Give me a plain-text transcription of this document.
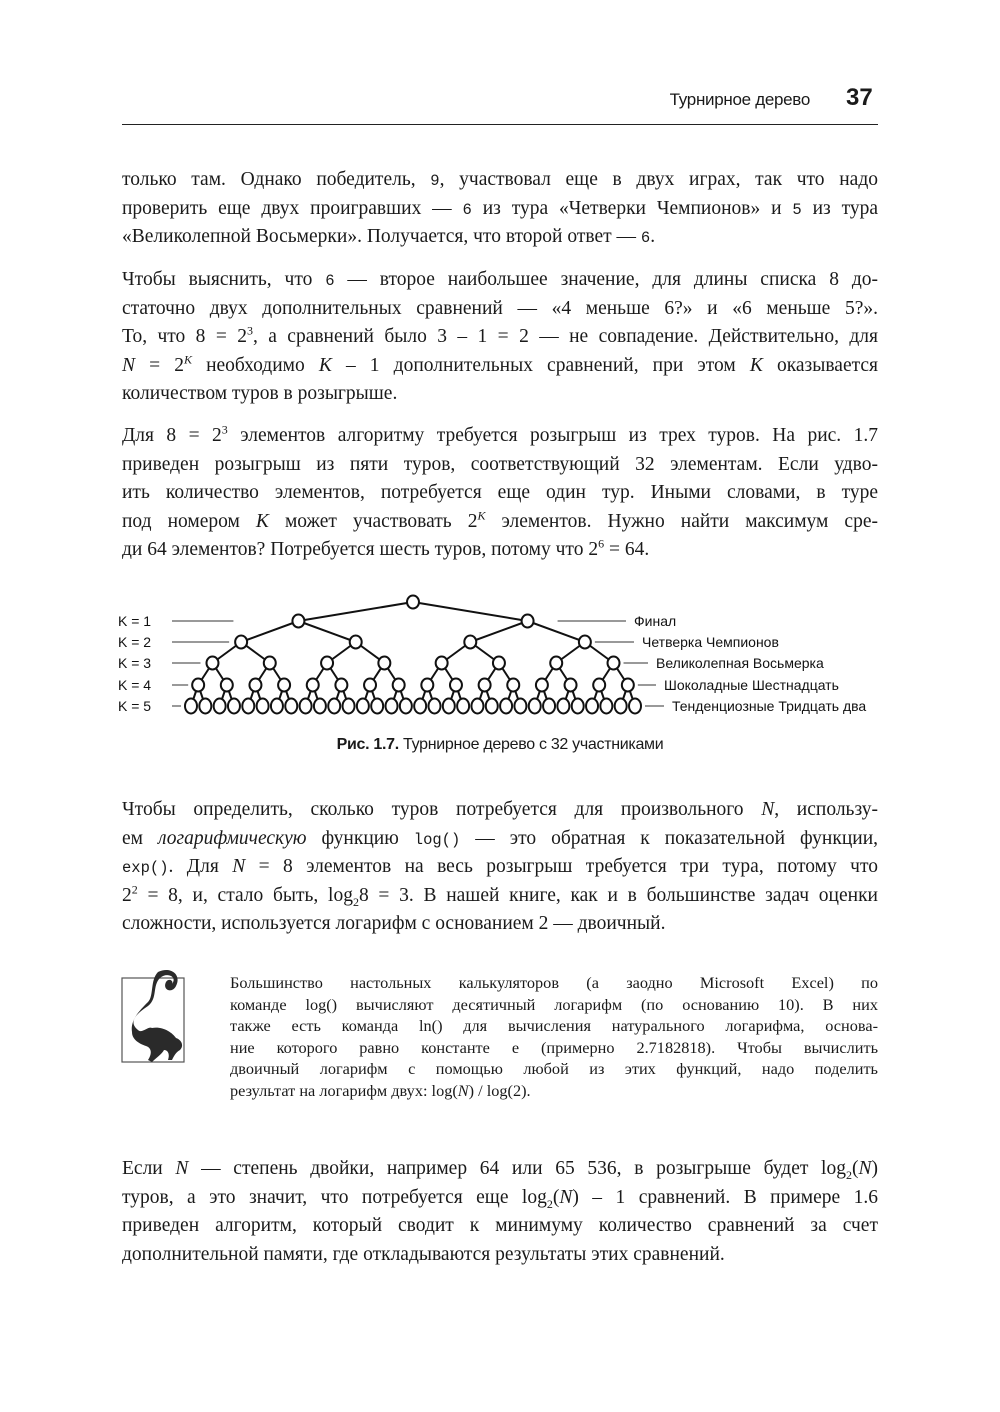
Турнирное дерево 37
только там. Однако победитель, 9, участвовал еще в двух играх, так что надо
проверить еще двух проигравших — 6 из тура «Четверки Чемпионов» и 5 из тура
«Великолепной Восьмерки». Получается, что второй ответ — 6.
Чтобы выяснить, что 6 — второе наибольшее значение, для длины списка 8 до-
статочно двух дополнительных сравнений — «4 меньше 6?» и «6 меньше 5?».
То, что $8 = 2^3$, а сравнений было 3 – 1 = 2 — не совпадение. Действительно, для
$N = 2^K$ необходимо K – 1 дополнительных сравнений, при этом K оказывается
количеством туров в розыгрыше.
Для $8 = 2^3$ элементов алгоритму требуется розыгрыш из трех туров. На рис. 1.7
приведен розыгрыш из пяти туров, соответствующий 32 элементам. Если удво-
ить количество элементов, потребуется еще один тур. Иными словами, в туре
под номером K может участвовать $2^K$ элементов. Нужно найти максимум сре-
ди 64 элементов? Потребуется шесть туров, потому что $2^6 = 64$.
K = 1
K = 2
K = 3
K = 4
K = 5
Финал
Четверка Чемпионов
Великолепная Восьмерка
Шоколадные Шестнадцать
Тенденциозные Тридцать два
Рис. 1.7. Турнирное дерево с 32 участниками
Чтобы определить, сколько туров потребуется для произвольного N, использу-
ем логарифмическую функцию log() — это обратная к показательной функции,
exp(). Для N = 8 элементов на весь розыгрыш требуется три тура, потому что
$2^2 = 8$, и, стало быть, $\log_28 = 3$. В нашей книге, как и в большинстве задач оценки
сложности, используется логарифм с основанием 2 — двоичный.
Большинство настольных калькуляторов (а заодно Microsoft Excel) по
команде log() вычисляют десятичный логарифм (по основанию 10). В них
также есть команда ln() для вычисления натурального логарифма, основа-
ние которого равно константе е (примерно 2.7182818). Чтобы вычислить
двоичный логарифм с помощью любой из этих функций, надо поделить
результат на логарифм двух: log(N) / log(2).
Если N — степень двойки, например 64 или 65 536, в розыгрыше будет $\log_2(N)$
туров, а это значит, что потребуется еще $\log_2(N) - 1$ сравнений. В примере 1.6
приведен алгоритм, который сводит к минимуму количество сравнений за счет
дополнительной памяти, где откладываются результаты этих сравнений.
